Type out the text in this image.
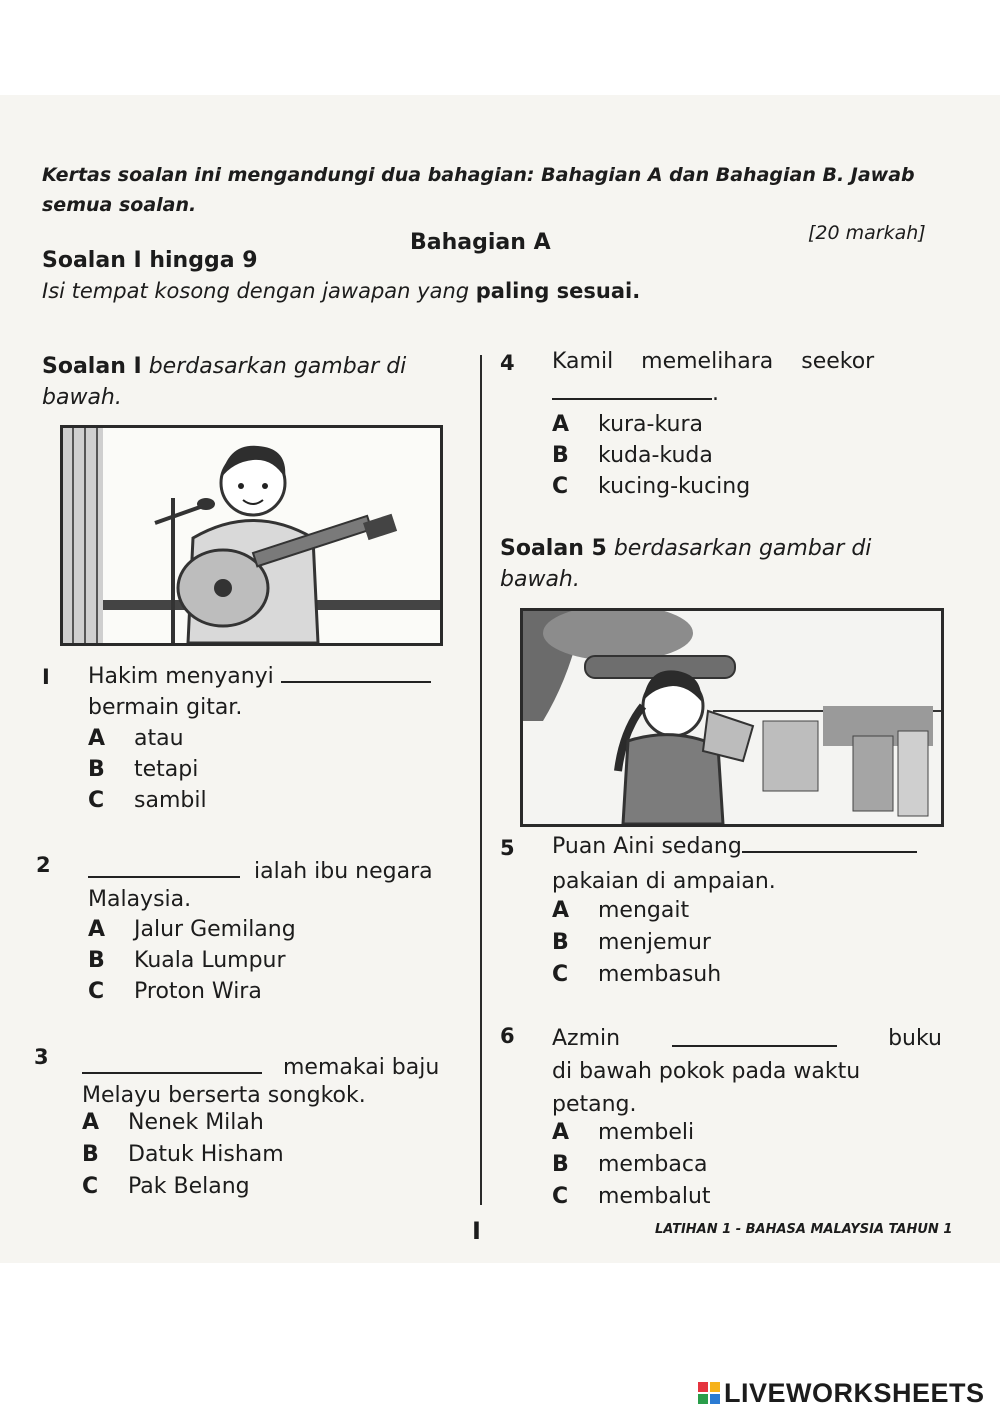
Kertas soalan ini mengandungi dua bahagian: Bahagian A dan Bahagian B. Jawab semua soalan.
Soalan I hingga 9
Bahagian A	[20 markah]
Isi tempat kosong dengan jawapan yang paling sesuai.
Soalan I berdasarkan gambar di
bawah.
I Hakim menyanyi
bermain gitar.
A atau
B tetapi
C sambil
2	ialah ibu negara
Malaysia.
A Jalur Gemilang
B Kuala Lumpur
C Proton Wira
3	memakai baju
Melayu berserta songkok.
A Nenek Milah
B Datuk Hisham
C Pak Belang
4 Kamil    memelihara    seekor
.
A kura-kura
B kuda-kuda
C kucing-kucing
Soalan 5 berdasarkan gambar di
bawah.
5 Puan Aini sedang
pakaian di ampaian.
A mengait
B menjemur
C membasuh
6 Azmin	buku
di bawah pokok pada waktu
petang.
A membeli
B membaca
C membalut
I	LATIHAN 1 - BAHASA MALAYSIA TAHUN 1
LIVEWORKSHEETS
